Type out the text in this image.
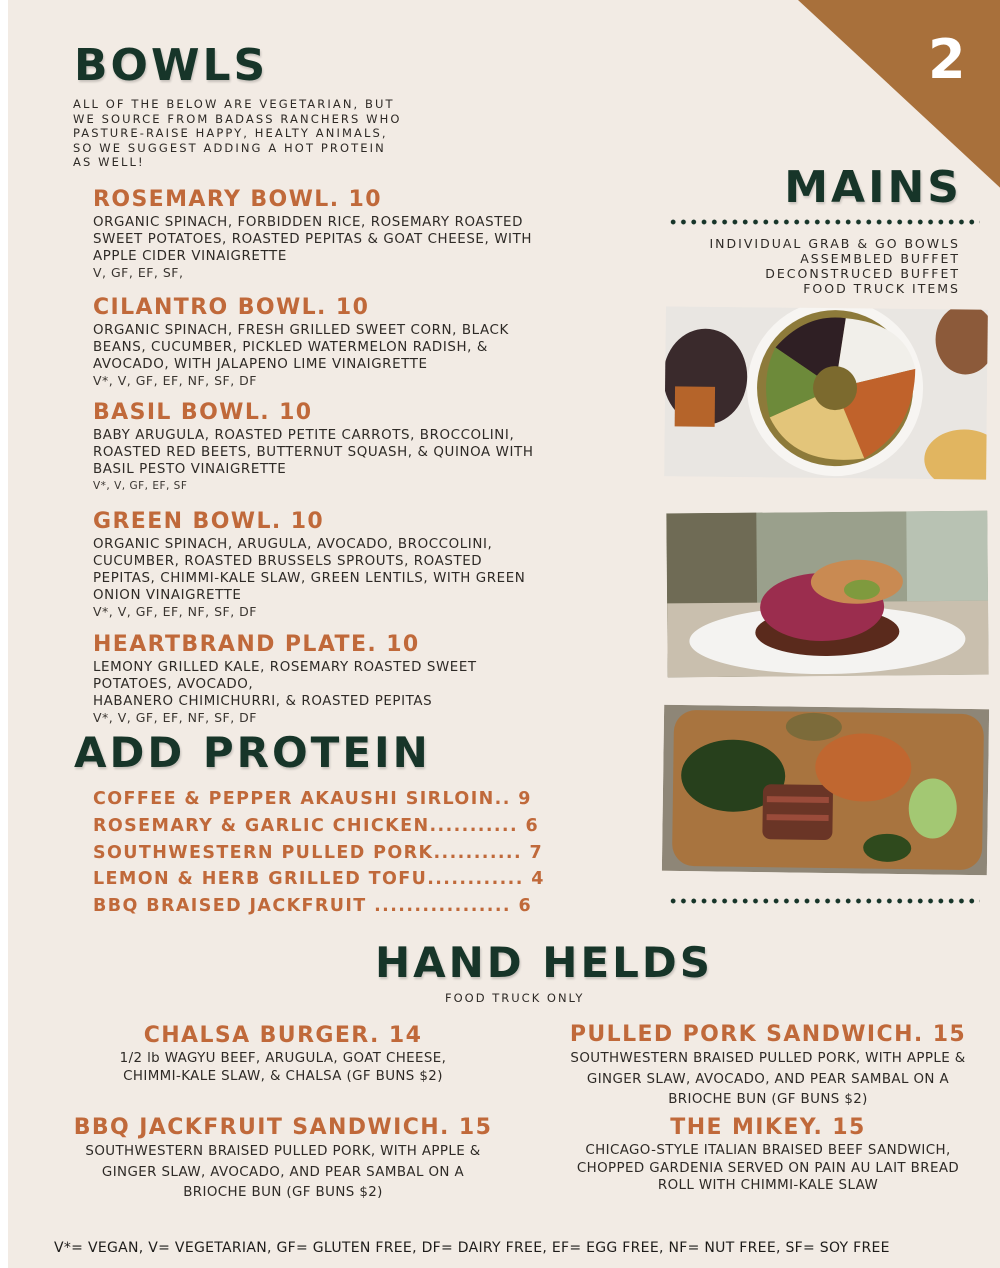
2
BOWLS
ALL OF THE BELOW ARE VEGETARIAN, BUT
WE SOURCE FROM BADASS RANCHERS WHO
PASTURE-RAISE HAPPY, HEALTY ANIMALS,
SO WE SUGGEST ADDING A HOT PROTEIN
AS WELL!
ROSEMARY BOWL. 10
ORGANIC SPINACH, FORBIDDEN RICE, ROSEMARY ROASTED
SWEET POTATOES, ROASTED PEPITAS & GOAT CHEESE, WITH
APPLE CIDER VINAIGRETTE
V, GF, EF, SF,
CILANTRO BOWL. 10
ORGANIC SPINACH, FRESH GRILLED SWEET CORN, BLACK
BEANS, CUCUMBER, PICKLED WATERMELON RADISH, &
AVOCADO, WITH JALAPENO LIME VINAIGRETTE
V*, V, GF, EF, NF, SF, DF
BASIL BOWL. 10
BABY ARUGULA, ROASTED PETITE CARROTS, BROCCOLINI,
ROASTED RED BEETS, BUTTERNUT SQUASH, & QUINOA WITH
BASIL PESTO VINAIGRETTE
V*, V, GF, EF, SF
GREEN BOWL. 10
ORGANIC SPINACH, ARUGULA, AVOCADO, BROCCOLINI,
CUCUMBER, ROASTED BRUSSELS SPROUTS, ROASTED
PEPITAS, CHIMMI-KALE SLAW, GREEN LENTILS, WITH GREEN
ONION VINAIGRETTE
V*, V, GF, EF, NF, SF, DF
HEARTBRAND PLATE. 10
LEMONY GRILLED KALE, ROSEMARY ROASTED SWEET
POTATOES, AVOCADO,
HABANERO CHIMICHURRI, & ROASTED PEPITAS
V*, V, GF, EF, NF, SF, DF
MAINS
INDIVIDUAL GRAB & GO BOWLS
ASSEMBLED BUFFET
DECONSTRUCED BUFFET
FOOD TRUCK ITEMS
ADD PROTEIN
COFFEE & PEPPER AKAUSHI SIRLOIN.. 9
ROSEMARY & GARLIC CHICKEN........... 6
SOUTHWESTERN PULLED PORK........... 7
LEMON & HERB GRILLED TOFU............ 4
BBQ BRAISED JACKFRUIT ................. 6
HAND HELDS
FOOD TRUCK ONLY
CHALSA BURGER. 14
1/2 lb WAGYU BEEF, ARUGULA, GOAT CHEESE,
CHIMMI-KALE SLAW, & CHALSA (GF BUNS $2)
PULLED PORK SANDWICH. 15
SOUTHWESTERN BRAISED PULLED PORK, WITH APPLE &
GINGER SLAW, AVOCADO, AND PEAR SAMBAL ON A
BRIOCHE BUN (GF BUNS $2)
BBQ JACKFRUIT SANDWICH. 15
SOUTHWESTERN BRAISED PULLED PORK, WITH APPLE &
GINGER SLAW, AVOCADO, AND PEAR SAMBAL ON A
BRIOCHE BUN (GF BUNS $2)
THE MIKEY. 15
CHICAGO-STYLE ITALIAN BRAISED BEEF SANDWICH,
CHOPPED GARDENIA SERVED ON PAIN AU LAIT BREAD
ROLL WITH CHIMMI-KALE SLAW
V*= VEGAN, V= VEGETARIAN, GF= GLUTEN FREE, DF= DAIRY FREE, EF= EGG FREE, NF= NUT FREE, SF= SOY FREE
